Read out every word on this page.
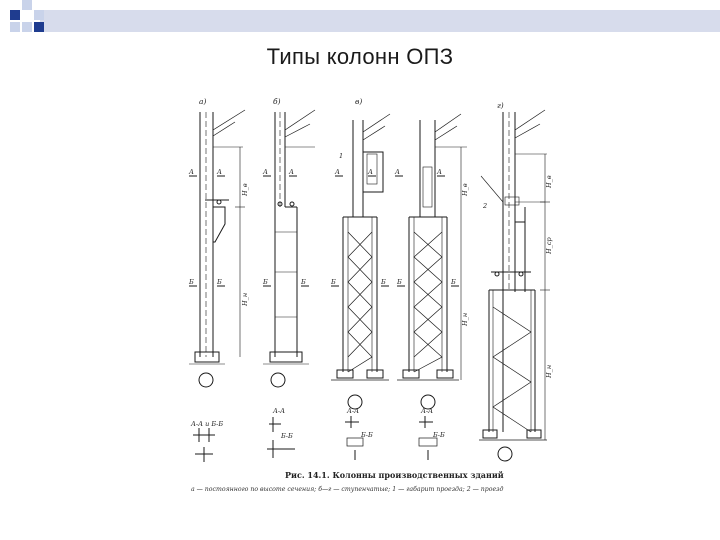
Типы колонн ОПЗ
а)
А	А
Б	Б
Н_в
Н_н
А-А и Б-Б
б)
А	А
Б	Б
А-А
Б-Б
в)
А	А
Б	Б
1
А-А
Б-Б
А	А
Б	Б
Н_в
Н_н
А-А
Б-Б
г)
2
Н_в
Н_ср
Н_н
Рис. 14.1. Колонны производственных зданий
а — постоянного по высоте сечения; б—г — ступенчатые; 1 — габарит проезда; 2 — проезд
